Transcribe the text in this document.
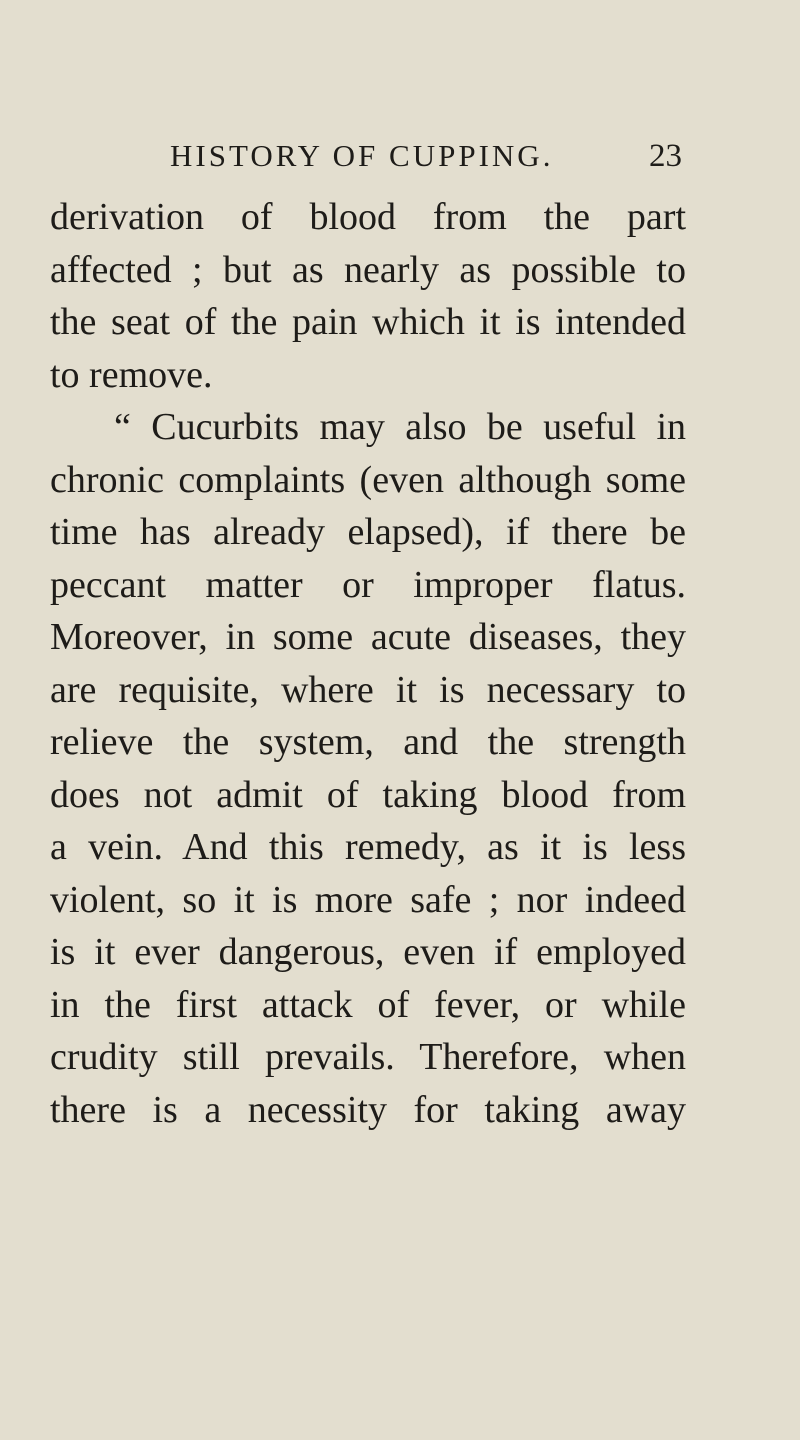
HISTORY OF CUPPING.	23
derivation of blood from the part
affected ; but as nearly as possible to
the seat of the pain which it is intended
to remove.
“ Cucurbits may also be useful in
chronic complaints (even although some
time has already elapsed), if there be
peccant matter or improper flatus.
Moreover, in some acute diseases, they
are requisite, where it is necessary to
relieve the system, and the strength
does not admit of taking blood from
a vein. And this remedy, as it is less
violent, so it is more safe ; nor indeed
is it ever dangerous, even if employed
in the first attack of fever, or while
crudity still prevails. Therefore, when
there is a necessity for taking away
